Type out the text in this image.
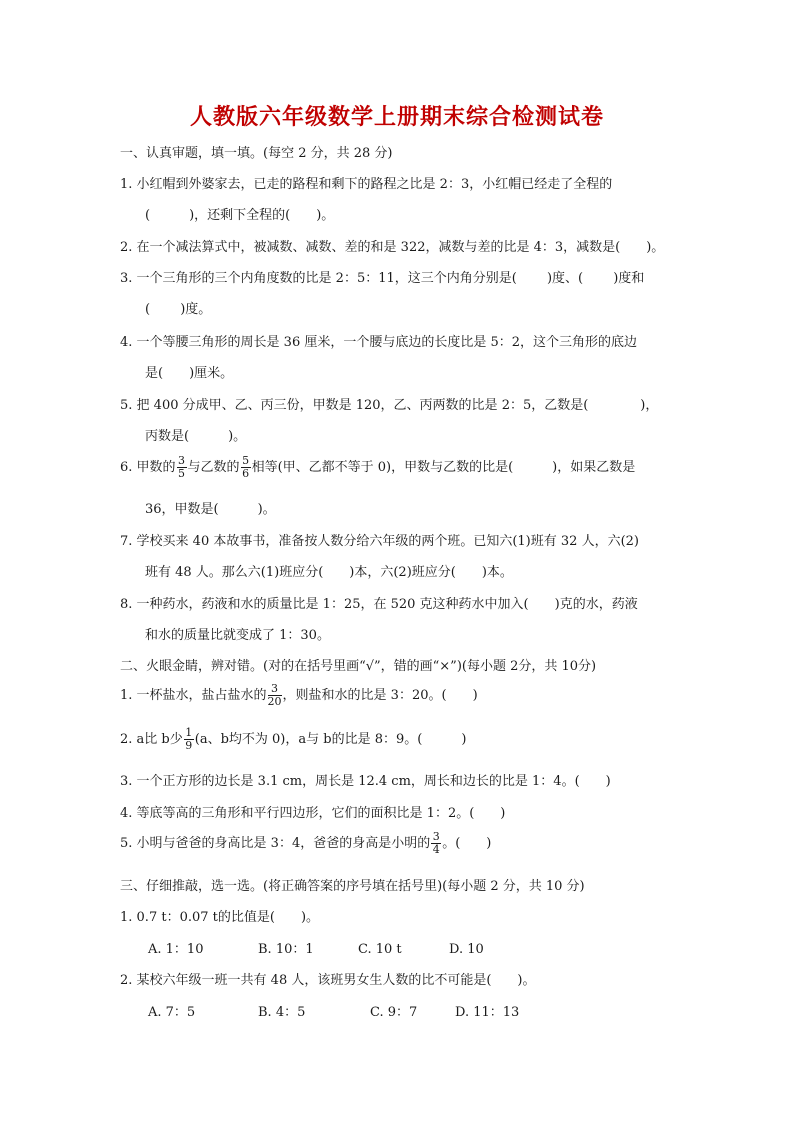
人教版六年级数学上册期末综合检测试卷
一、认真审题，填一填。(每空 2 分，共 28 分)
1. 小红帽到外婆家去，已走的路程和剩下的路程之比是 2：3，小红帽已经走了全程的
(　　　)，还剩下全程的(　　)。
2. 在一个减法算式中，被减数、减数、差的和是 322，减数与差的比是 4：3，减数是(　　)。
3. 一个三角形的三个内角度数的比是 2：5：11，这三个内角分别是(　　 )度、(　　 )度和
(　　 )度。
4. 一个等腰三角形的周长是 36 厘米，一个腰与底边的长度比是 5：2，这个三角形的底边
是(　　)厘米。
5. 把 400 分成甲、乙、丙三份，甲数是 120，乙、丙两数的比是 2：5，乙数是(　　　　)，
丙数是(　　　)。
6. 甲数的 $\frac{3}{5}$ 与乙数的 $\frac{5}{6}$ 相等(甲、乙都不等于 0)，甲数与乙数的比是(　　　)，如果乙数是
36，甲数是(　　　)。
7. 学校买来 40 本故事书，准备按人数分给六年级的两个班。已知六(1)班有 32 人，六(2)
班有 48 人。那么六(1)班应分(　　)本，六(2)班应分(　　)本。
8. 一种药水，药液和水的质量比是 1：25，在 520 克这种药水中加入(　　)克的水，药液
和水的质量比就变成了 1：30。
二、火眼金睛，辨对错。(对的在括号里画“√”，错的画“×”)(每小题 2分，共 10分)
1. 一杯盐水，盐占盐水的 $\frac{3}{20}$ ，则盐和水的比是 3：20。(　　)
2. a比 b少 $\frac{1}{9} (a$、b均不为 0)，a与 b的比是 8：9。(　　　)
3. 一个正方形的边长是 3.1 cm，周长是 12.4 cm，周长和边长的比是 1：4。(　　)
4. 等底等高的三角形和平行四边形，它们的面积比是 1：2。(　　)
5. 小明与爸爸的身高比是 3：4，爸爸的身高是小明的 $\frac{3}{4}$ 。(　　)
三、仔细推敲，选一选。(将正确答案的序号填在括号里)(每小题 2 分，共 10 分)
1. 0.7 t：0.07 t的比值是(　　)。
A. 1：10	B. 10：1	C. 10 t	D. 10
2. 某校六年级一班一共有 48 人，该班男女生人数的比不可能是(　　)。
A. 7：5	B. 4：5	C. 9：7	D. 11：13
